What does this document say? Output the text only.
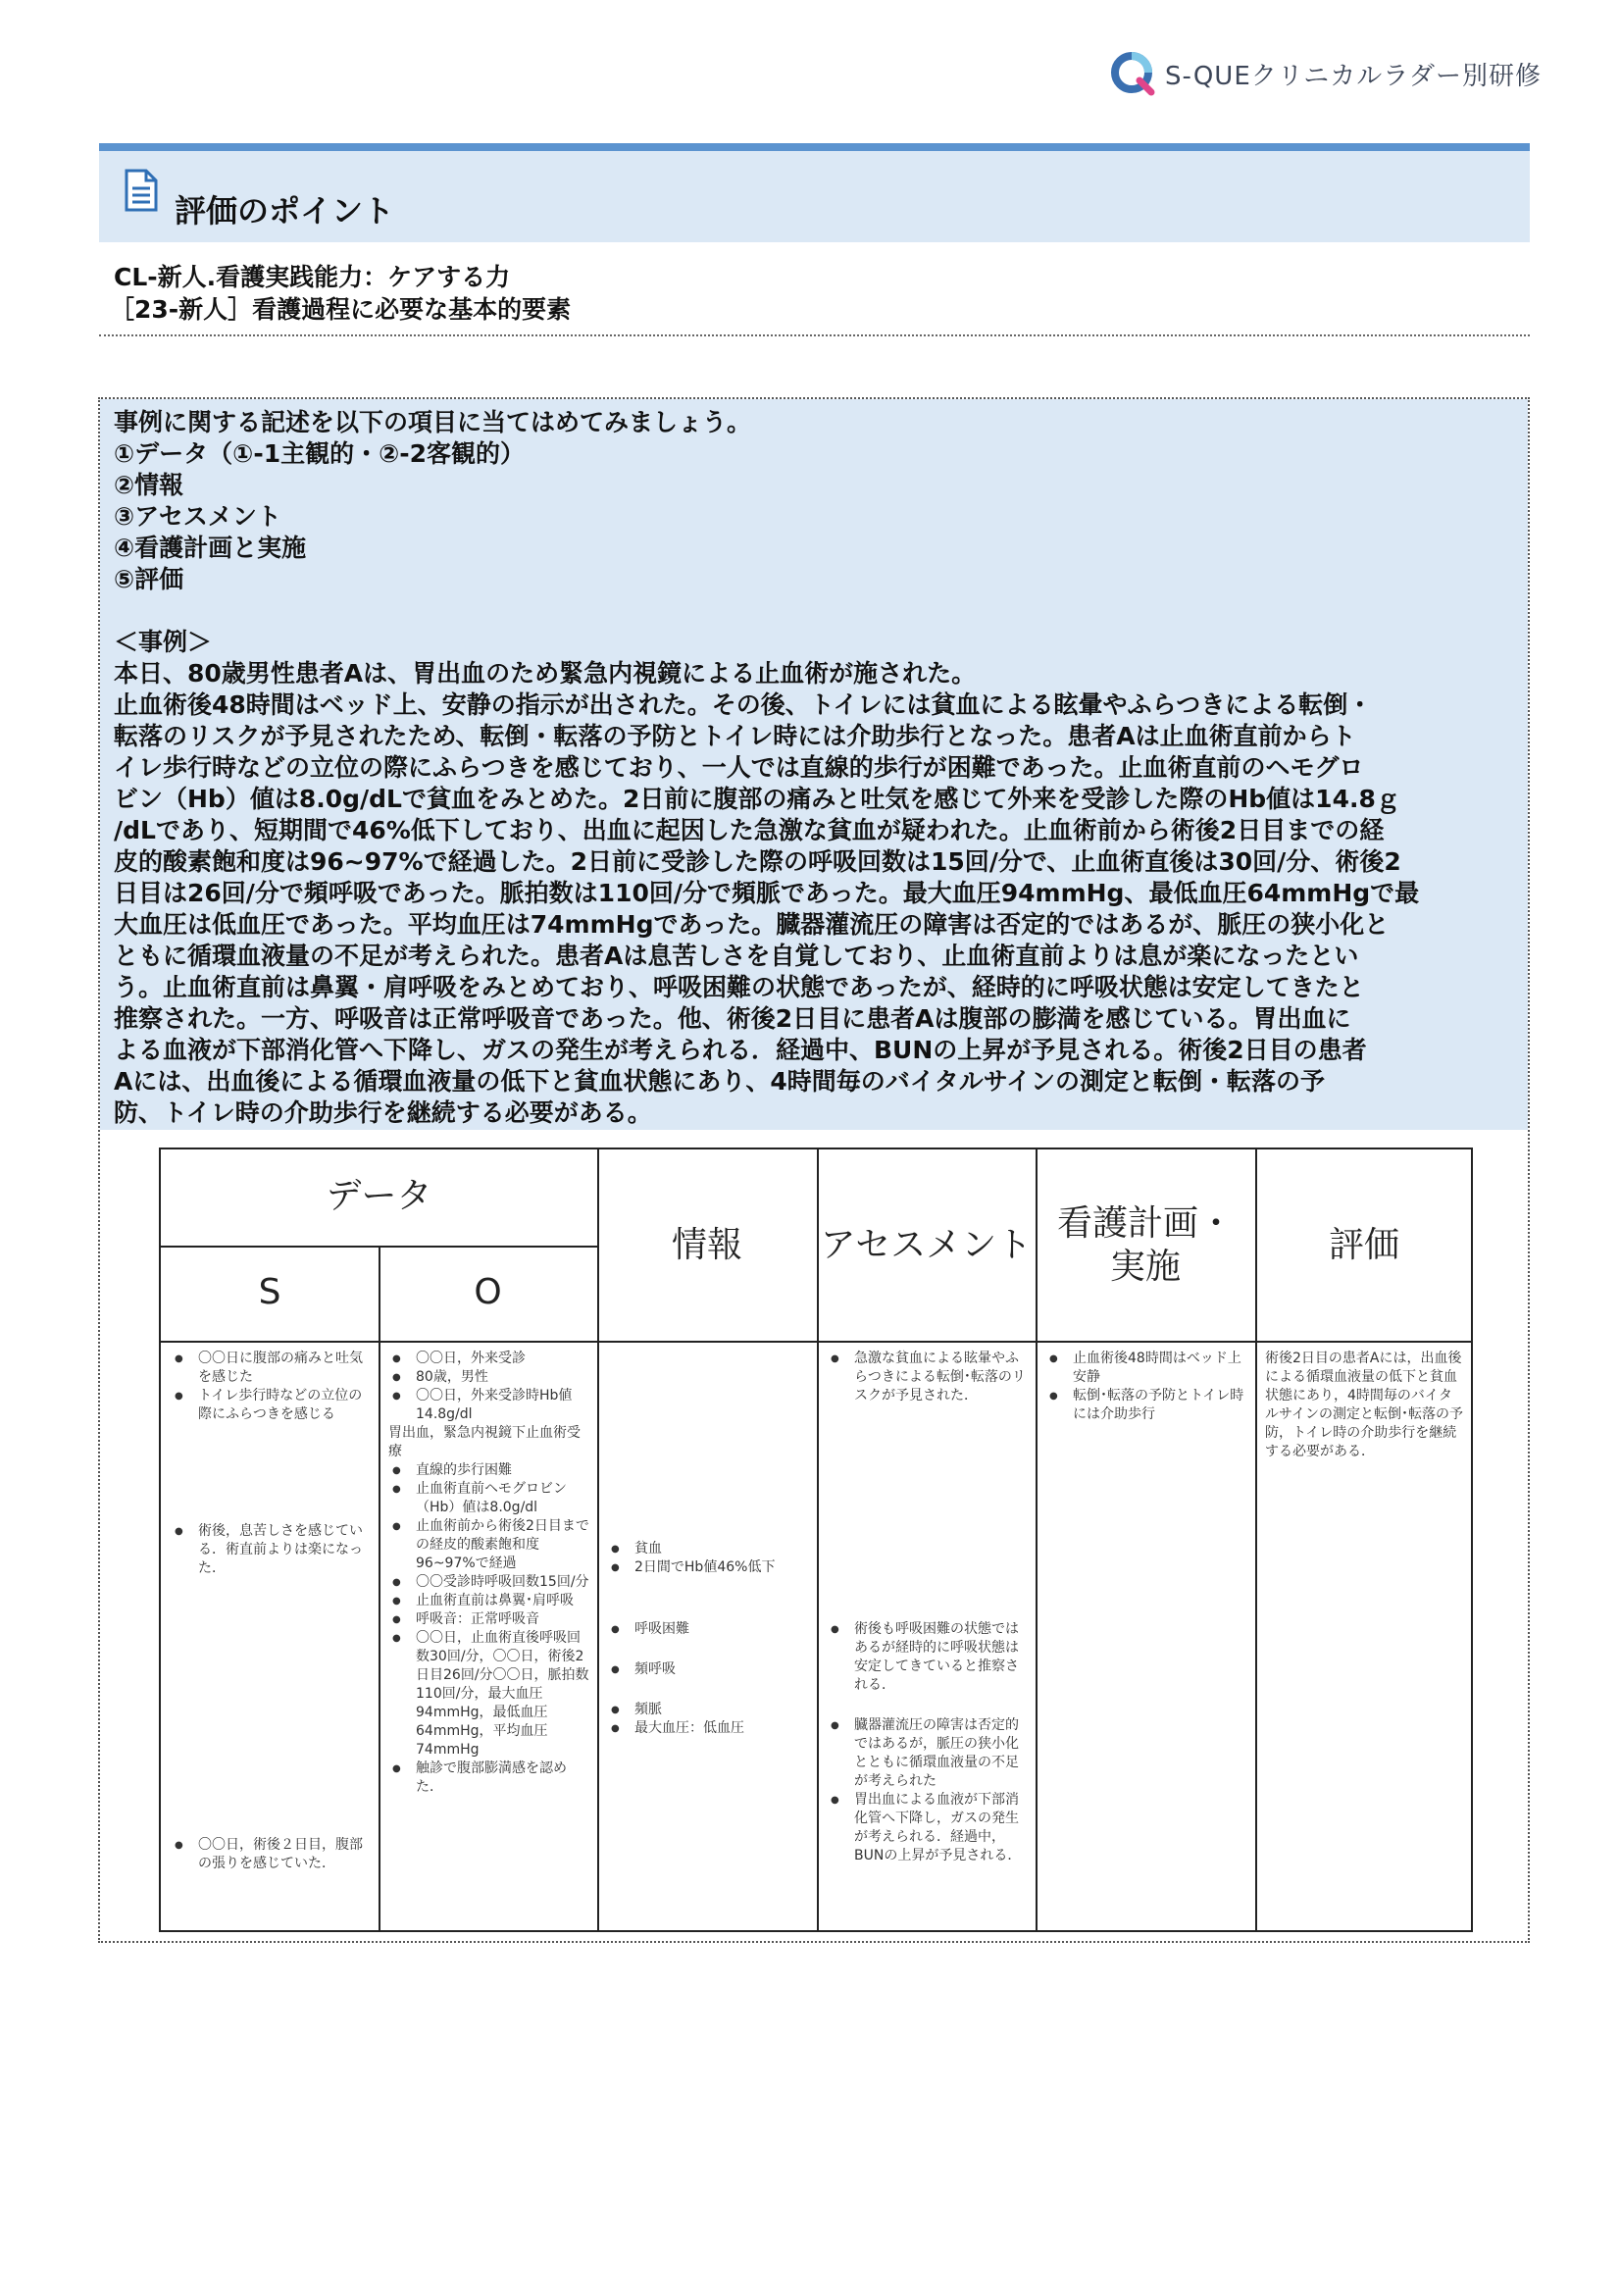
S-QUEクリニカルラダー別研修
評価のポイント
CL-新人.看護実践能力：ケアする力
［23-新人］看護過程に必要な基本的要素
事例に関する記述を以下の項目に当てはめてみましょう。
①データ（①-1主観的・②-2客観的）
②情報
③アセスメント
④看護計画と実施
⑤評価
＜事例＞
本日、80歳男性患者Aは、胃出血のため緊急内視鏡による止血術が施された。
止血術後48時間はベッド上、安静の指示が出された。その後、トイレには貧血による眩暈やふらつきによる転倒・
転落のリスクが予見されたため、転倒・転落の予防とトイレ時には介助歩行となった。患者Aは止血術直前からト
イレ歩行時などの立位の際にふらつきを感じており、一人では直線的歩行が困難であった。止血術直前のヘモグロ
ビン（Hb）値は8.0g/dLで貧血をみとめた。2日前に腹部の痛みと吐気を感じて外来を受診した際のHb値は14.8ｇ
/dLであり、短期間で46%低下しており、出血に起因した急激な貧血が疑われた。止血術前から術後2日目までの経
皮的酸素飽和度は96~97%で経過した。2日前に受診した際の呼吸回数は15回/分で、止血術直後は30回/分、術後2
日目は26回/分で頻呼吸であった。脈拍数は110回/分で頻脈であった。最大血圧94mmHg、最低血圧64mmHgで最
大血圧は低血圧であった。平均血圧は74mmHgであった。臓器灌流圧の障害は否定的ではあるが、脈圧の狭小化と
ともに循環血液量の不足が考えられた。患者Aは息苦しさを自覚しており、止血術直前よりは息が楽になったとい
う。止血術直前は鼻翼・肩呼吸をみとめており、呼吸困難の状態であったが、経時的に呼吸状態は安定してきたと
推察された。一方、呼吸音は正常呼吸音であった。他、術後2日目に患者Aは腹部の膨満を感じている。胃出血に
よる血液が下部消化管へ下降し、ガスの発生が考えられる．経過中、BUNの上昇が予見される。術後2日目の患者
Aには、出血後による循環血液量の低下と貧血状態にあり、4時間毎のバイタルサインの測定と転倒・転落の予
防、トイレ時の介助歩行を継続する必要がある。
データ
S	O
情報	アセスメント
看護計画・
実施
評価
● 〇〇日に腹部の痛みと吐気を感じた
● トイレ歩行時などの立位の際にふらつきを感じる
● 術後，息苦しさを感じている．術直前よりは楽になった．
● 〇〇日，術後２日目，腹部の張りを感じていた．
● 〇〇日，外来受診
● 80歳，男性
● 〇〇日，外来受診時Hb値14.8g/dl
胃出血，緊急内視鏡下止血術受療
● 直線的歩行困難
● 止血術直前ヘモグロビン（Hb）値は8.0g/dl
● 止血術前から術後2日目までの経皮的酸素飽和度96~97%で経過
● 〇〇受診時呼吸回数15回/分
● 止血術直前は鼻翼･肩呼吸
● 呼吸音：正常呼吸音
● 〇〇日，止血術直後呼吸回数30回/分，〇〇日，術後2日目26回/分〇〇日，脈拍数110回/分，最大血圧94mmHg，最低血圧64mmHg，平均血圧74mmHg
● 触診で腹部膨満感を認めた．
● 貧血
● 2日間でHb値46%低下
● 呼吸困難
● 頻呼吸
● 頻脈
● 最大血圧：低血圧
● 急激な貧血による眩暈やふらつきによる転倒･転落のリスクが予見された．
● 術後も呼吸困難の状態ではあるが経時的に呼吸状態は安定してきていると推察される．
● 臓器灌流圧の障害は否定的ではあるが，脈圧の狭小化とともに循環血液量の不足が考えられた
● 胃出血による血液が下部消化管へ下降し，ガスの発生が考えられる．経過中，BUNの上昇が予見される．
● 止血術後48時間はベッド上安静
● 転倒･転落の予防とトイレ時には介助歩行
術後2日目の患者Aには，出血後による循環血液量の低下と貧血状態にあり，4時間毎のバイタルサインの測定と転倒･転落の予防，トイレ時の介助歩行を継続する必要がある．
